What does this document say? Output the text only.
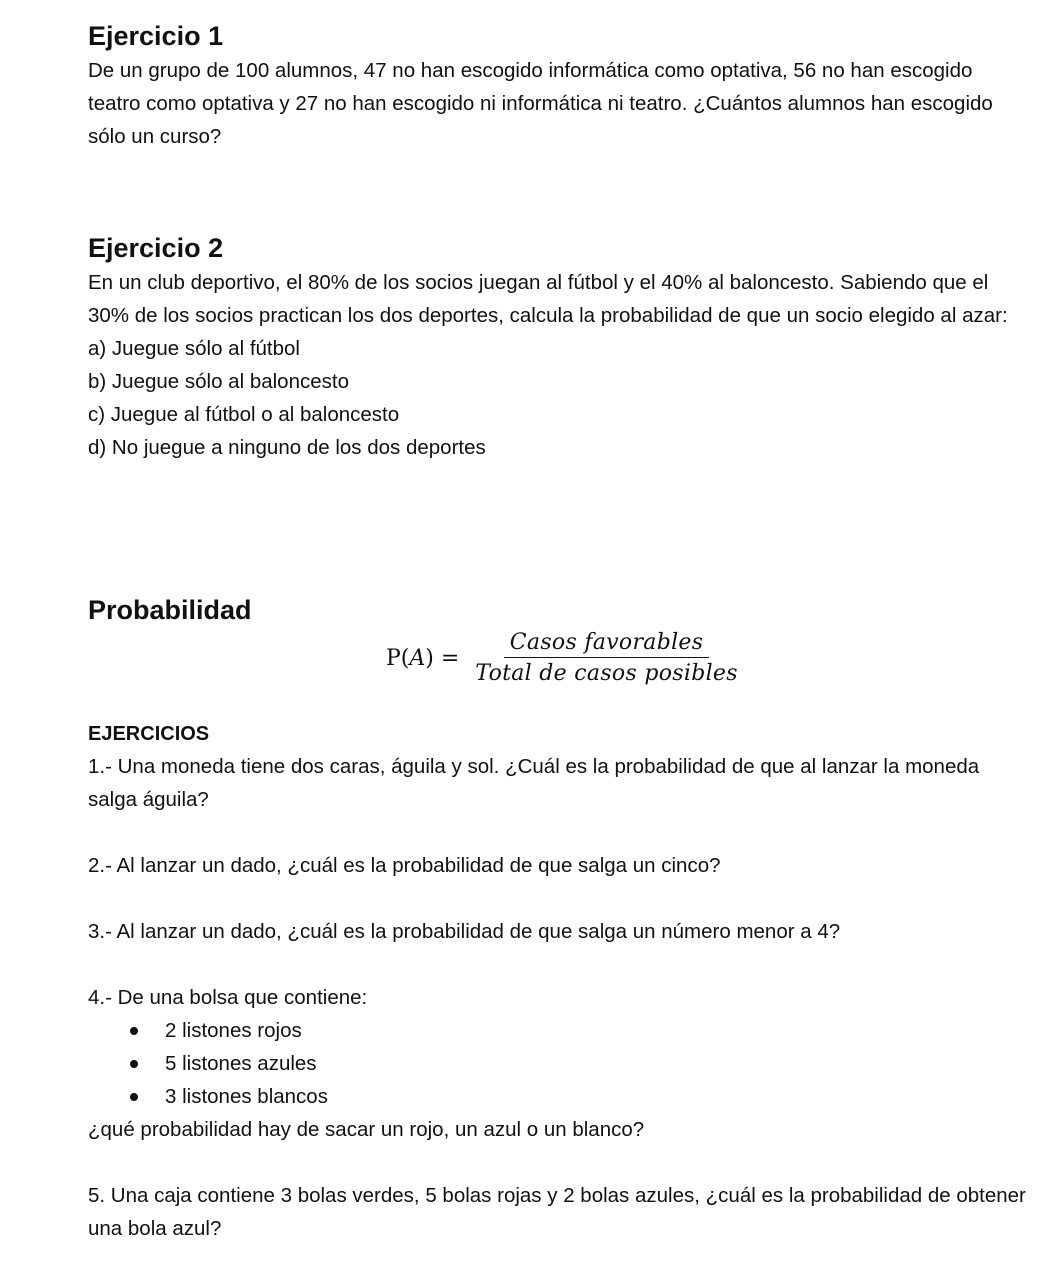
Ejercicio 1

De un grupo de 100 alumnos, 47 no han escogido informática como optativa, 56 no han escogido teatro como optativa y 27 no han escogido ni informática ni teatro. ¿Cuántos alumnos han escogido sólo un curso?

Ejercicio 2

En un club deportivo, el 80% de los socios juegan al fútbol y el 40% al baloncesto. Sabiendo que el 30% de los socios practican los dos deportes, calcula la probabilidad de que un socio elegido al azar:

a) Juegue sólo al fútbol

b) Juegue sólo al baloncesto

c) Juegue al fútbol o al baloncesto

d) No juegue a ninguno de los dos deportes

Probabilidad
$P(A) = \frac{\text{Casos favorables}}{\text{Total de casos posibles}}$
EJERCICIOS

1.- Una moneda tiene dos caras, águila y sol. ¿Cuál es la probabilidad de que al lanzar la moneda salga águila?

2.- Al lanzar un dado, ¿cuál es la probabilidad de que salga un cinco?

3.- Al lanzar un dado, ¿cuál es la probabilidad de que salga un número menor a 4?

4.- De una bolsa que contiene:

2 listones rojos
5 listones azules
3 listones blancos

¿qué probabilidad hay de sacar un rojo, un azul o un blanco?

5. Una caja contiene 3 bolas verdes, 5 bolas rojas y 2 bolas azules, ¿cuál es la probabilidad de obtener una bola azul?
